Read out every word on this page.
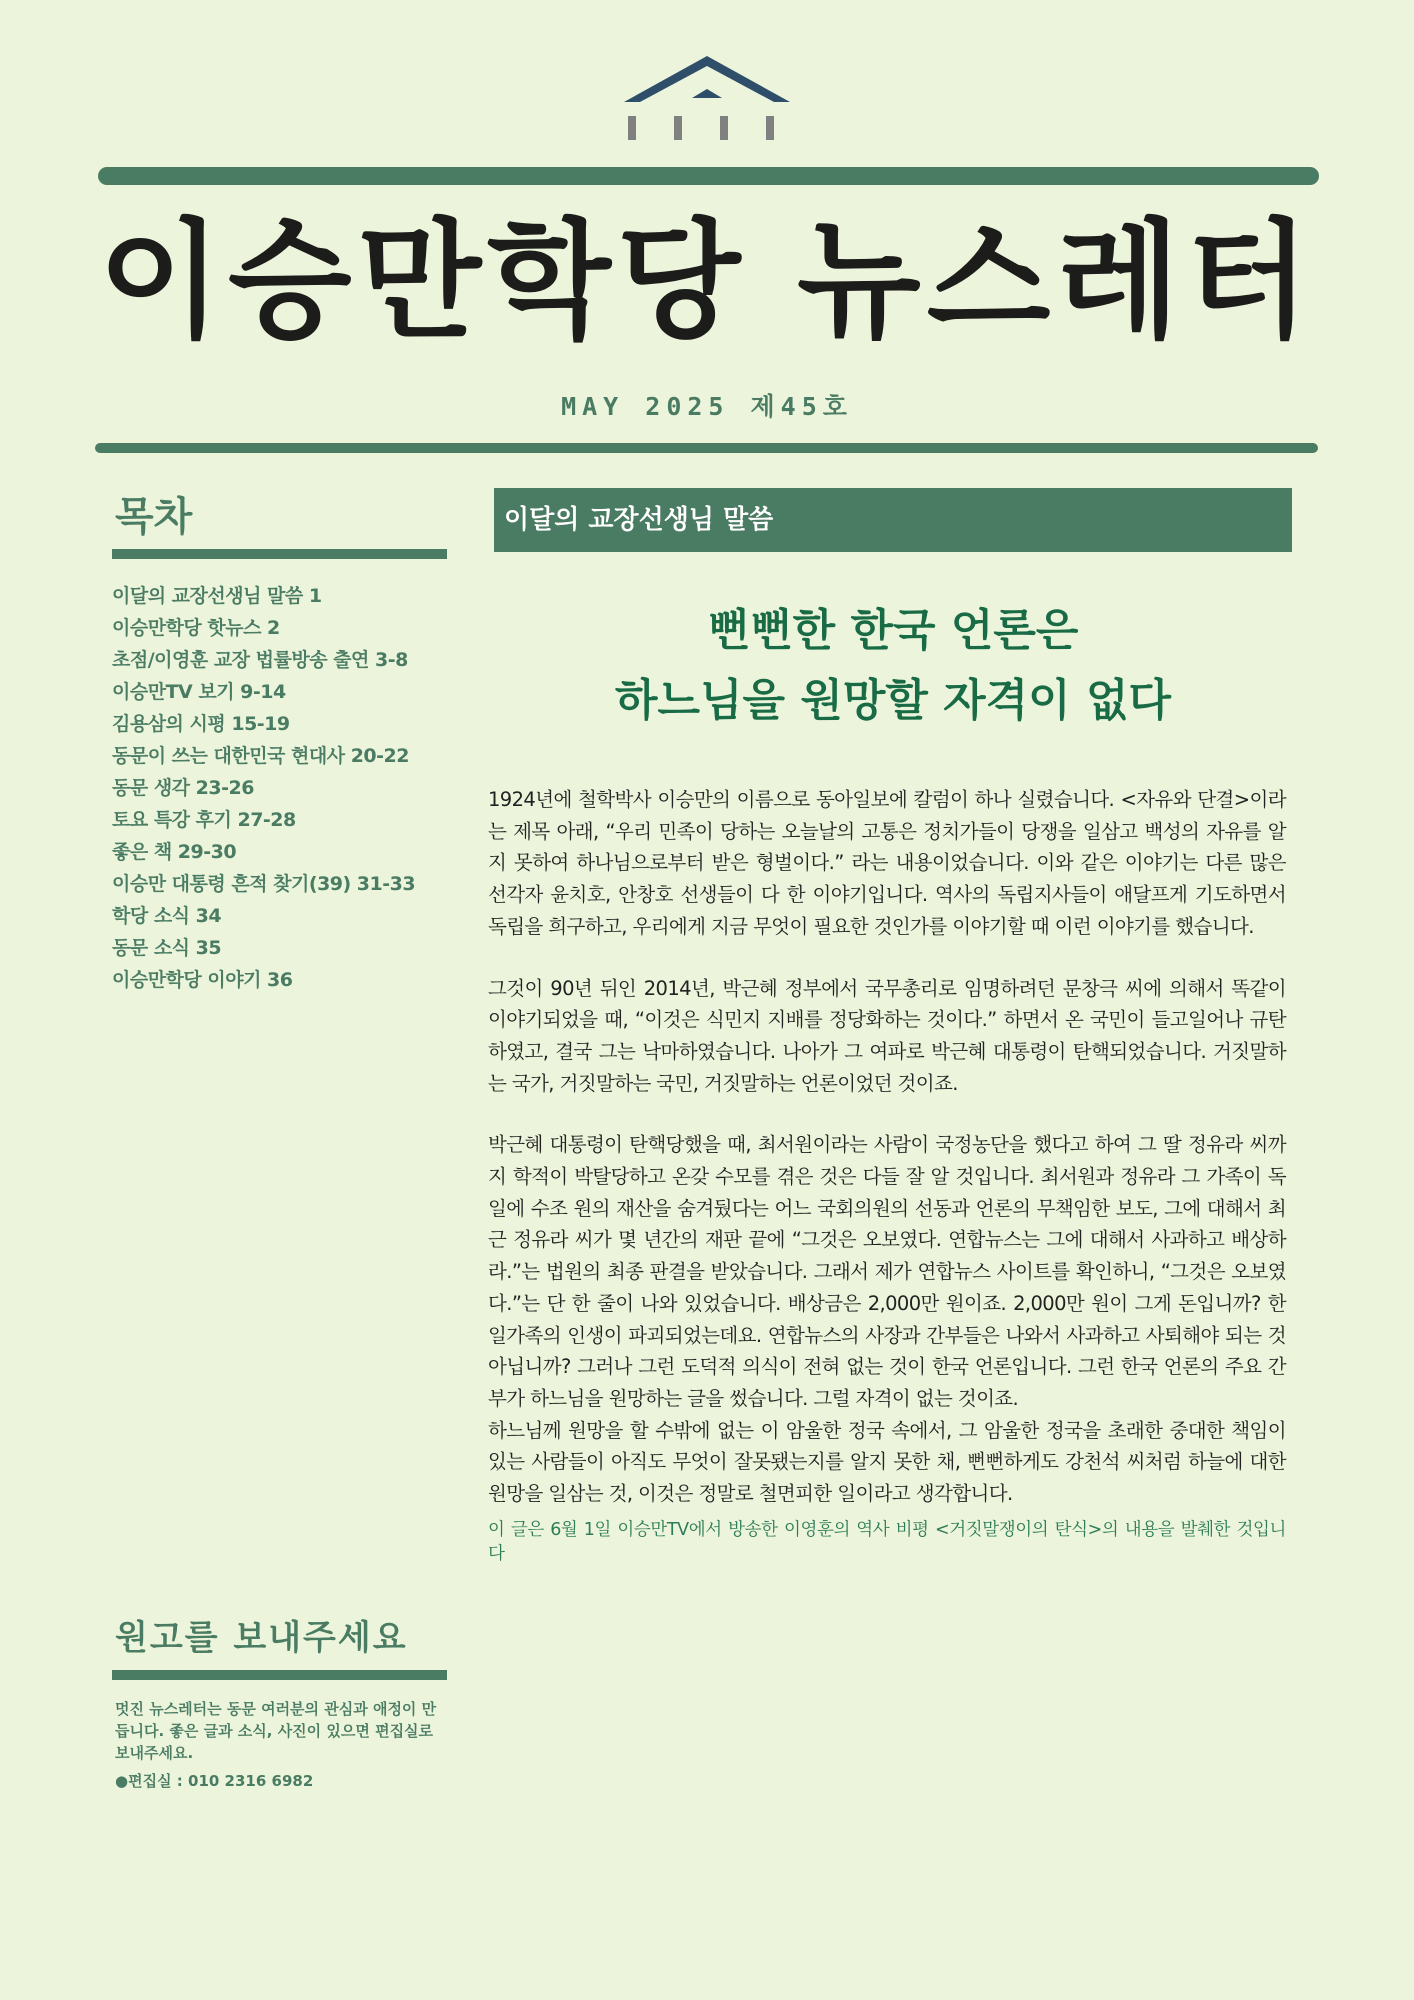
이승만학당 뉴스레터
MAY 2025 제45호
목차
이달의 교장선생님 말씀 1
이승만학당 핫뉴스 2
초점/이영훈 교장 법률방송 출연 3-8
이승만TV 보기 9-14
김용삼의 시평 15-19
동문이 쓰는 대한민국 현대사 20-22
동문 생각 23-26
토요 특강 후기 27-28
좋은 책 29-30
이승만 대통령 흔적 찾기(39) 31-33
학당 소식 34
동문 소식 35
이승만학당 이야기 36
원고를 보내주세요

멋진 뉴스레터는 동문 여러분의 관심과 애정이 만듭니다. 좋은 글과 소식, 사진이 있으면 편집실로 보내주세요.

●편집실 : 010 2316 6982
이달의 교장선생님 말씀
뻔뻔한 한국 언론은
하느님을 원망할 자격이 없다

1924년에 철학박사 이승만의 이름으로 동아일보에 칼럼이 하나 실렸습니다. <자유와 단결>이라는 제목 아래, “우리 민족이 당하는 오늘날의 고통은 정치가들이 당쟁을 일삼고 백성의 자유를 알지 못하여 하나님으로부터 받은 형벌이다.” 라는 내용이었습니다. 이와 같은 이야기는 다른 많은 선각자 윤치호, 안창호 선생들이 다 한 이야기입니다. 역사의 독립지사들이 애달프게 기도하면서 독립을 희구하고, 우리에게 지금 무엇이 필요한 것인가를 이야기할 때 이런 이야기를 했습니다.

그것이 90년 뒤인 2014년, 박근혜 정부에서 국무총리로 임명하려던 문창극 씨에 의해서 똑같이 이야기되었을 때, “이것은 식민지 지배를 정당화하는 것이다.” 하면서 온 국민이 들고일어나 규탄하였고, 결국 그는 낙마하였습니다. 나아가 그 여파로 박근혜 대통령이 탄핵되었습니다. 거짓말하는 국가, 거짓말하는 국민, 거짓말하는 언론이었던 것이죠.

박근혜 대통령이 탄핵당했을 때, 최서원이라는 사람이 국정농단을 했다고 하여 그 딸 정유라 씨까지 학적이 박탈당하고 온갖 수모를 겪은 것은 다들 잘 알 것입니다. 최서원과 정유라 그 가족이 독일에 수조 원의 재산을 숨겨뒀다는 어느 국회의원의 선동과 언론의 무책임한 보도, 그에 대해서 최근 정유라 씨가 몇 년간의 재판 끝에 “그것은 오보였다. 연합뉴스는 그에 대해서 사과하고 배상하라.”는 법원의 최종 판결을 받았습니다. 그래서 제가 연합뉴스 사이트를 확인하니, “그것은 오보였다.”는 단 한 줄이 나와 있었습니다. 배상금은 2,000만 원이죠. 2,000만 원이 그게 돈입니까? 한 일가족의 인생이 파괴되었는데요. 연합뉴스의 사장과 간부들은 나와서 사과하고 사퇴해야 되는 것 아닙니까? 그러나 그런 도덕적 의식이 전혀 없는 것이 한국 언론입니다. 그런 한국 언론의 주요 간부가 하느님을 원망하는 글을 썼습니다. 그럴 자격이 없는 것이죠.

하느님께 원망을 할 수밖에 없는 이 암울한 정국 속에서, 그 암울한 정국을 초래한 중대한 책임이 있는 사람들이 아직도 무엇이 잘못됐는지를 알지 못한 채, 뻔뻔하게도 강천석 씨처럼 하늘에 대한 원망을 일삼는 것, 이것은 정말로 철면피한 일이라고 생각합니다.

이 글은 6월 1일 이승만TV에서 방송한 이영훈의 역사 비평 <거짓말쟁이의 탄식>의 내용을 발췌한 것입니다
